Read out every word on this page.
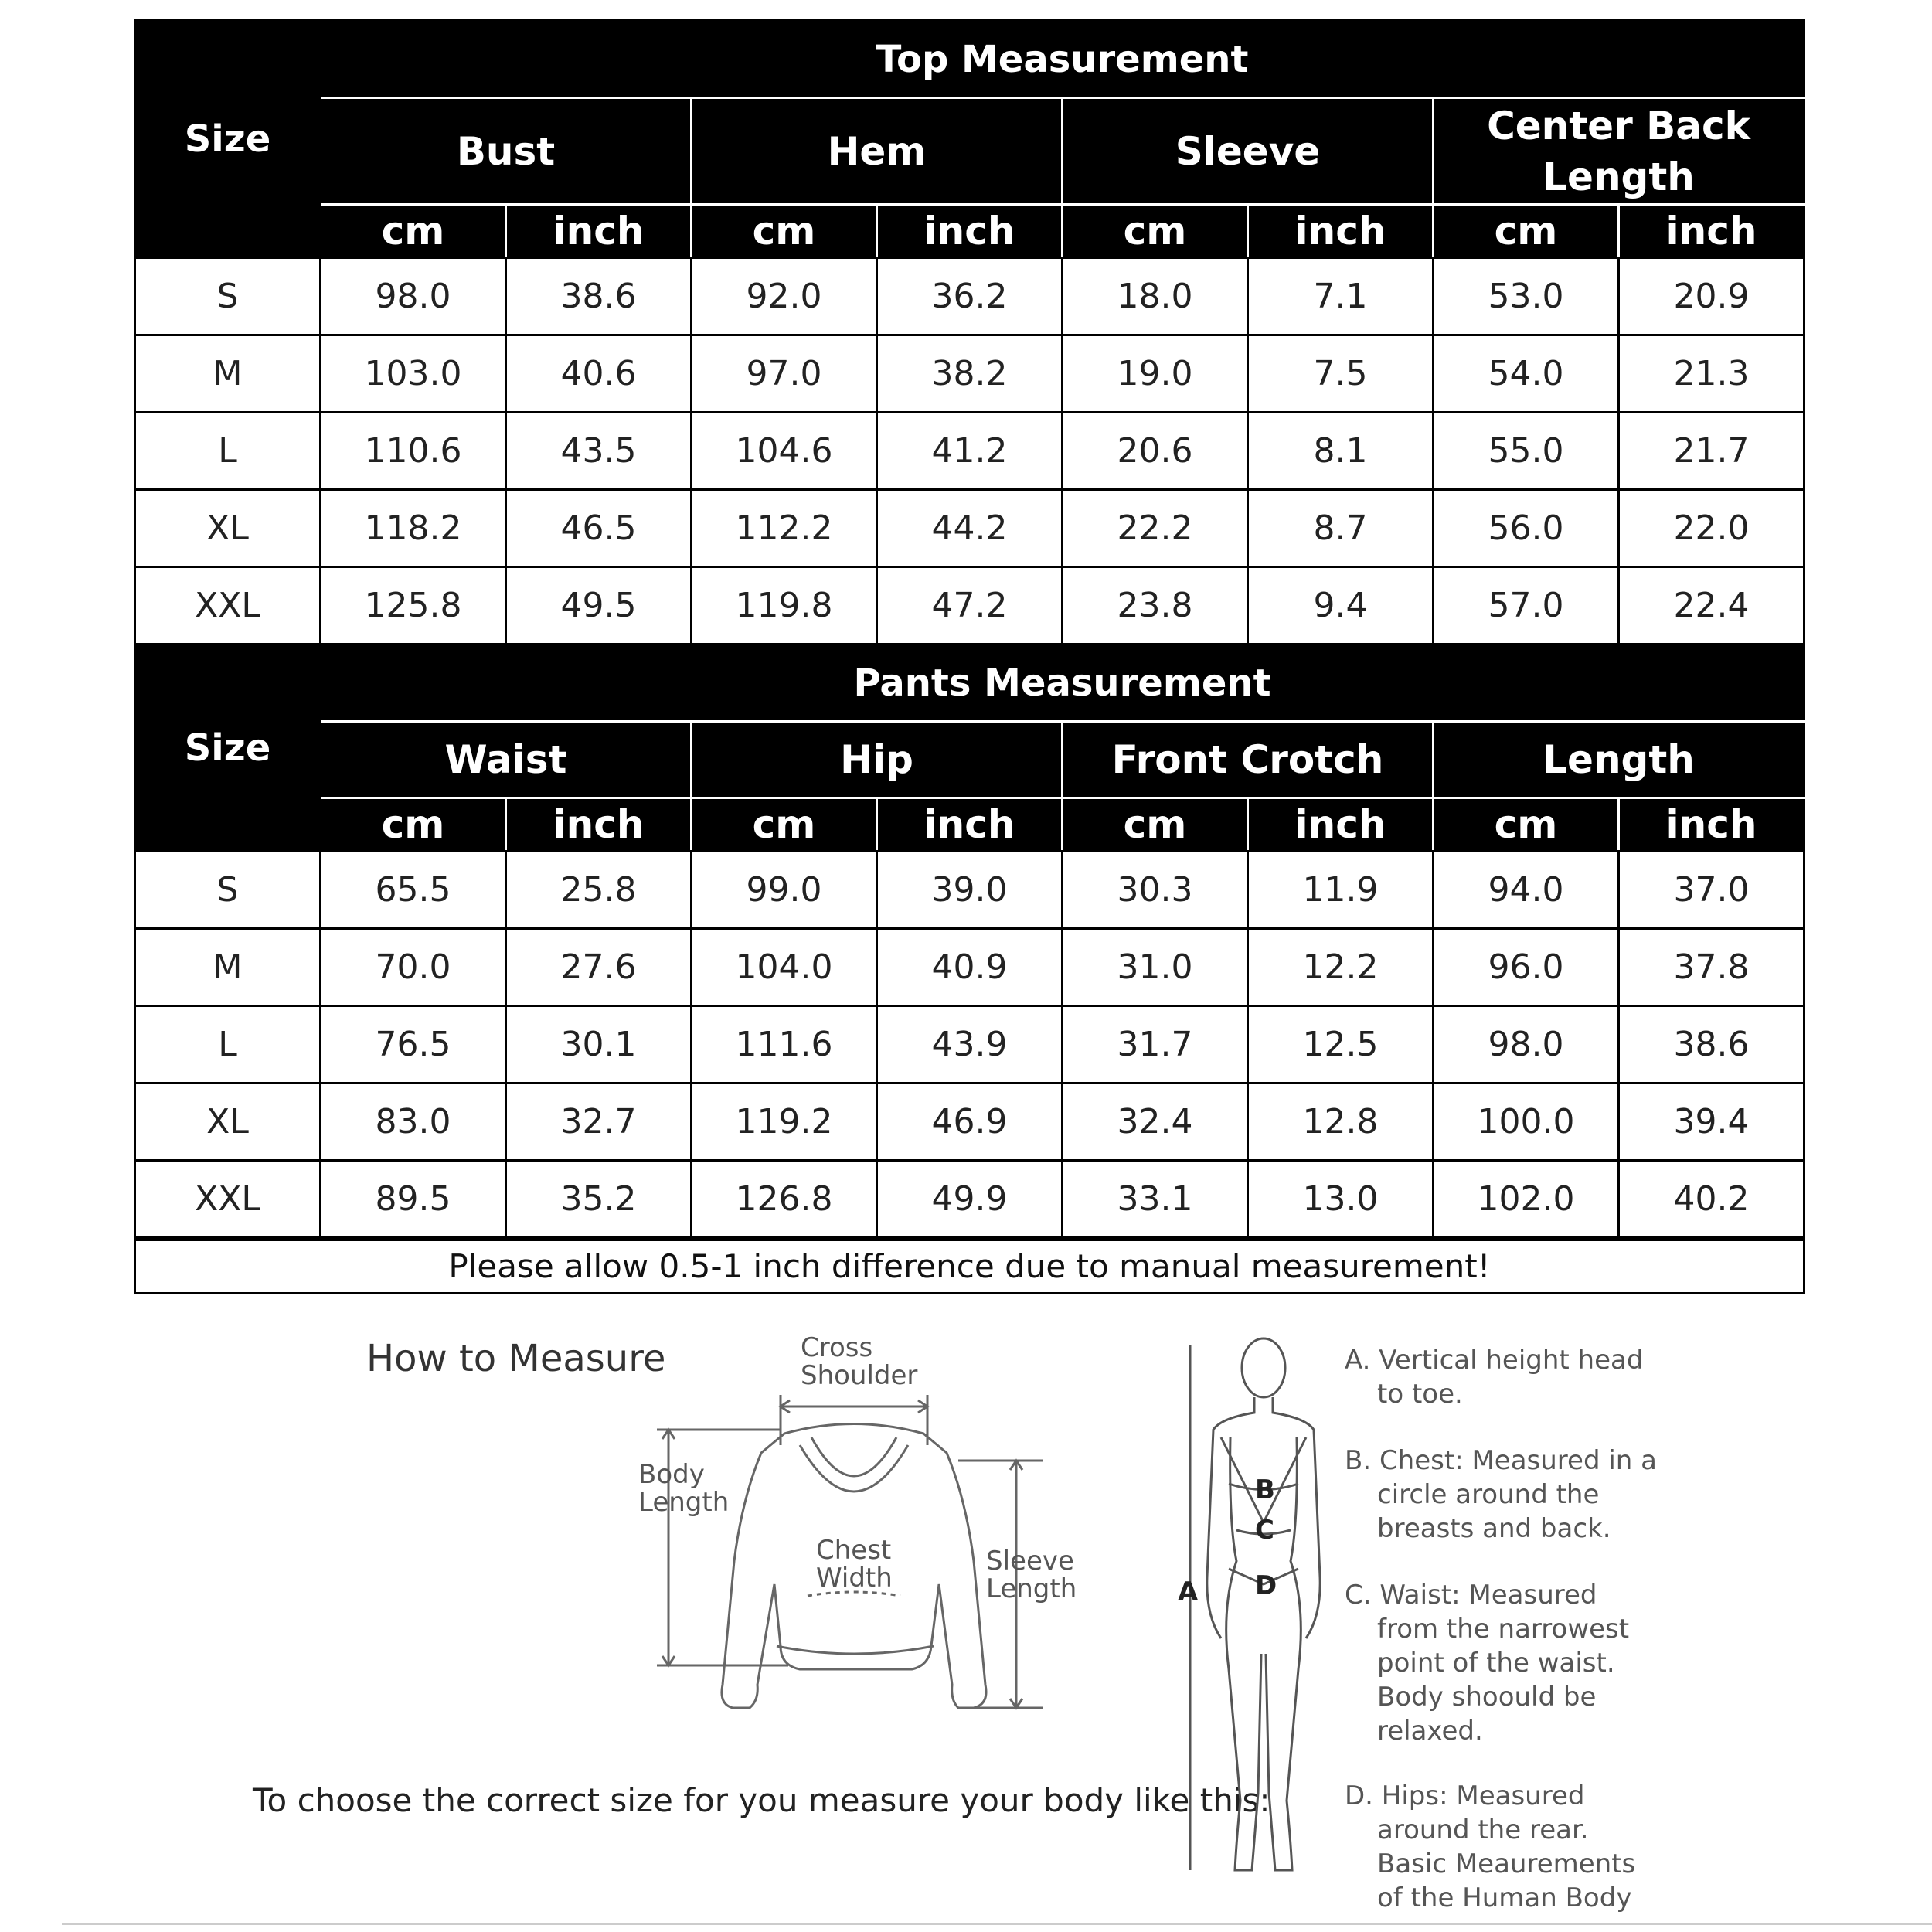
Size	Top Measurement							
	Bust		Hem		Sleeve		Center Back Length	
	cm	inch	cm	inch	cm	inch	cm	inch
S	98.0	38.6	92.0	36.2	18.0	7.1	53.0	20.9
M	103.0	40.6	97.0	38.2	19.0	7.5	54.0	21.3
L	110.6	43.5	104.6	41.2	20.6	8.1	55.0	21.7
XL	118.2	46.5	112.2	44.2	22.2	8.7	56.0	22.0
XXL	125.8	49.5	119.8	47.2	23.8	9.4	57.0	22.4
Size	Pants Measurement							
	Waist		Hip		Front Crotch		Length	
	cm	inch	cm	inch	cm	inch	cm	inch
S	65.5	25.8	99.0	39.0	30.3	11.9	94.0	37.0
M	70.0	27.6	104.0	40.9	31.0	12.2	96.0	37.8
L	76.5	30.1	111.6	43.9	31.7	12.5	98.0	38.6
XL	83.0	32.7	119.2	46.9	32.4	12.8	100.0	39.4
XXL	89.5	35.2	126.8	49.9	33.1	13.0	102.0	40.2
Please allow 0.5-1 inch difference due to manual measurement!
How to Measure
To choose the correct size for you measure your body like this:
Cross
Shoulder
Body
Length
Chest
Width
Sleeve
Length	A
B
C
D
A. Vertical height head
to toe.
B. Chest: Measured in a
circle around the
breasts and back.
C. Waist: Measured
from the narrowest
point of the waist.
Body shoould be
relaxed.
D. Hips: Measured
around the rear.
Basic Meaurements
of the Human Body
